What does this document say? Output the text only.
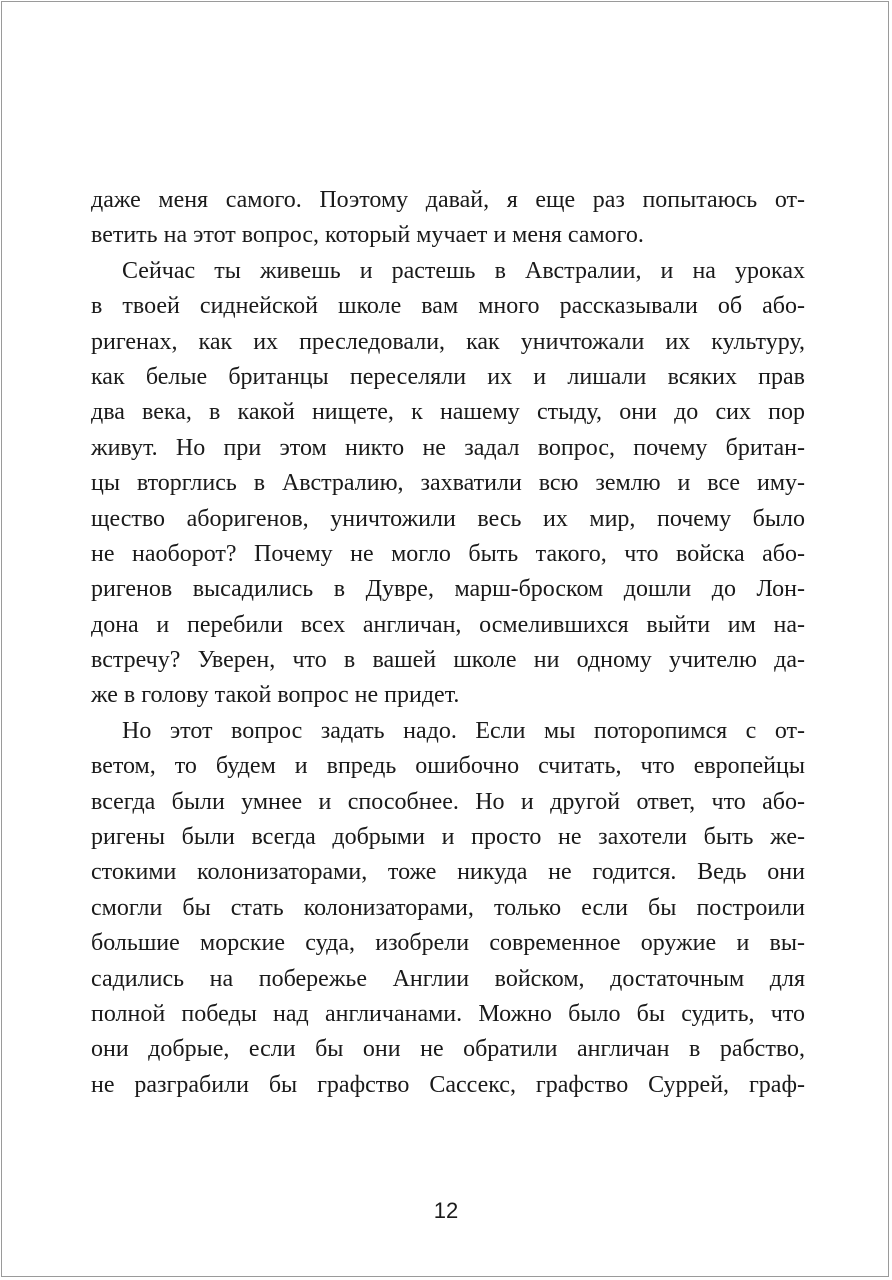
даже меня самого. Поэтому давай, я еще раз попытаюсь от-
ветить на этот вопрос, который мучает и меня самого.
Сейчас ты живешь и растешь в Австралии, и на уроках
в твоей сиднейской школе вам много рассказывали об або-
ригенах, как их преследовали, как уничтожали их культуру,
как белые британцы переселяли их и лишали всяких прав
два века, в какой нищете, к нашему стыду, они до сих пор
живут. Но при этом никто не задал вопрос, почему британ-
цы вторглись в Австралию, захватили всю землю и все иму-
щество аборигенов, уничтожили весь их мир, почему было
не наоборот? Почему не могло быть такого, что войска або-
ригенов высадились в Дувре, марш-броском дошли до Лон-
дона и перебили всех англичан, осмелившихся выйти им на-
встречу? Уверен, что в вашей школе ни одному учителю да-
же в голову такой вопрос не придет.
Но этот вопрос задать надо. Если мы поторопимся с от-
ветом, то будем и впредь ошибочно считать, что европейцы
всегда были умнее и способнее. Но и другой ответ, что або-
ригены были всегда добрыми и просто не захотели быть же-
стокими колонизаторами, тоже никуда не годится. Ведь они
смогли бы стать колонизаторами, только если бы построили
большие морские суда, изобрели современное оружие и вы-
садились на побережье Англии войском, достаточным для
полной победы над англичанами. Можно было бы судить, что
они добрые, если бы они не обратили англичан в рабство,
не разграбили бы графство Сассекс, графство Суррей, граф-
12
